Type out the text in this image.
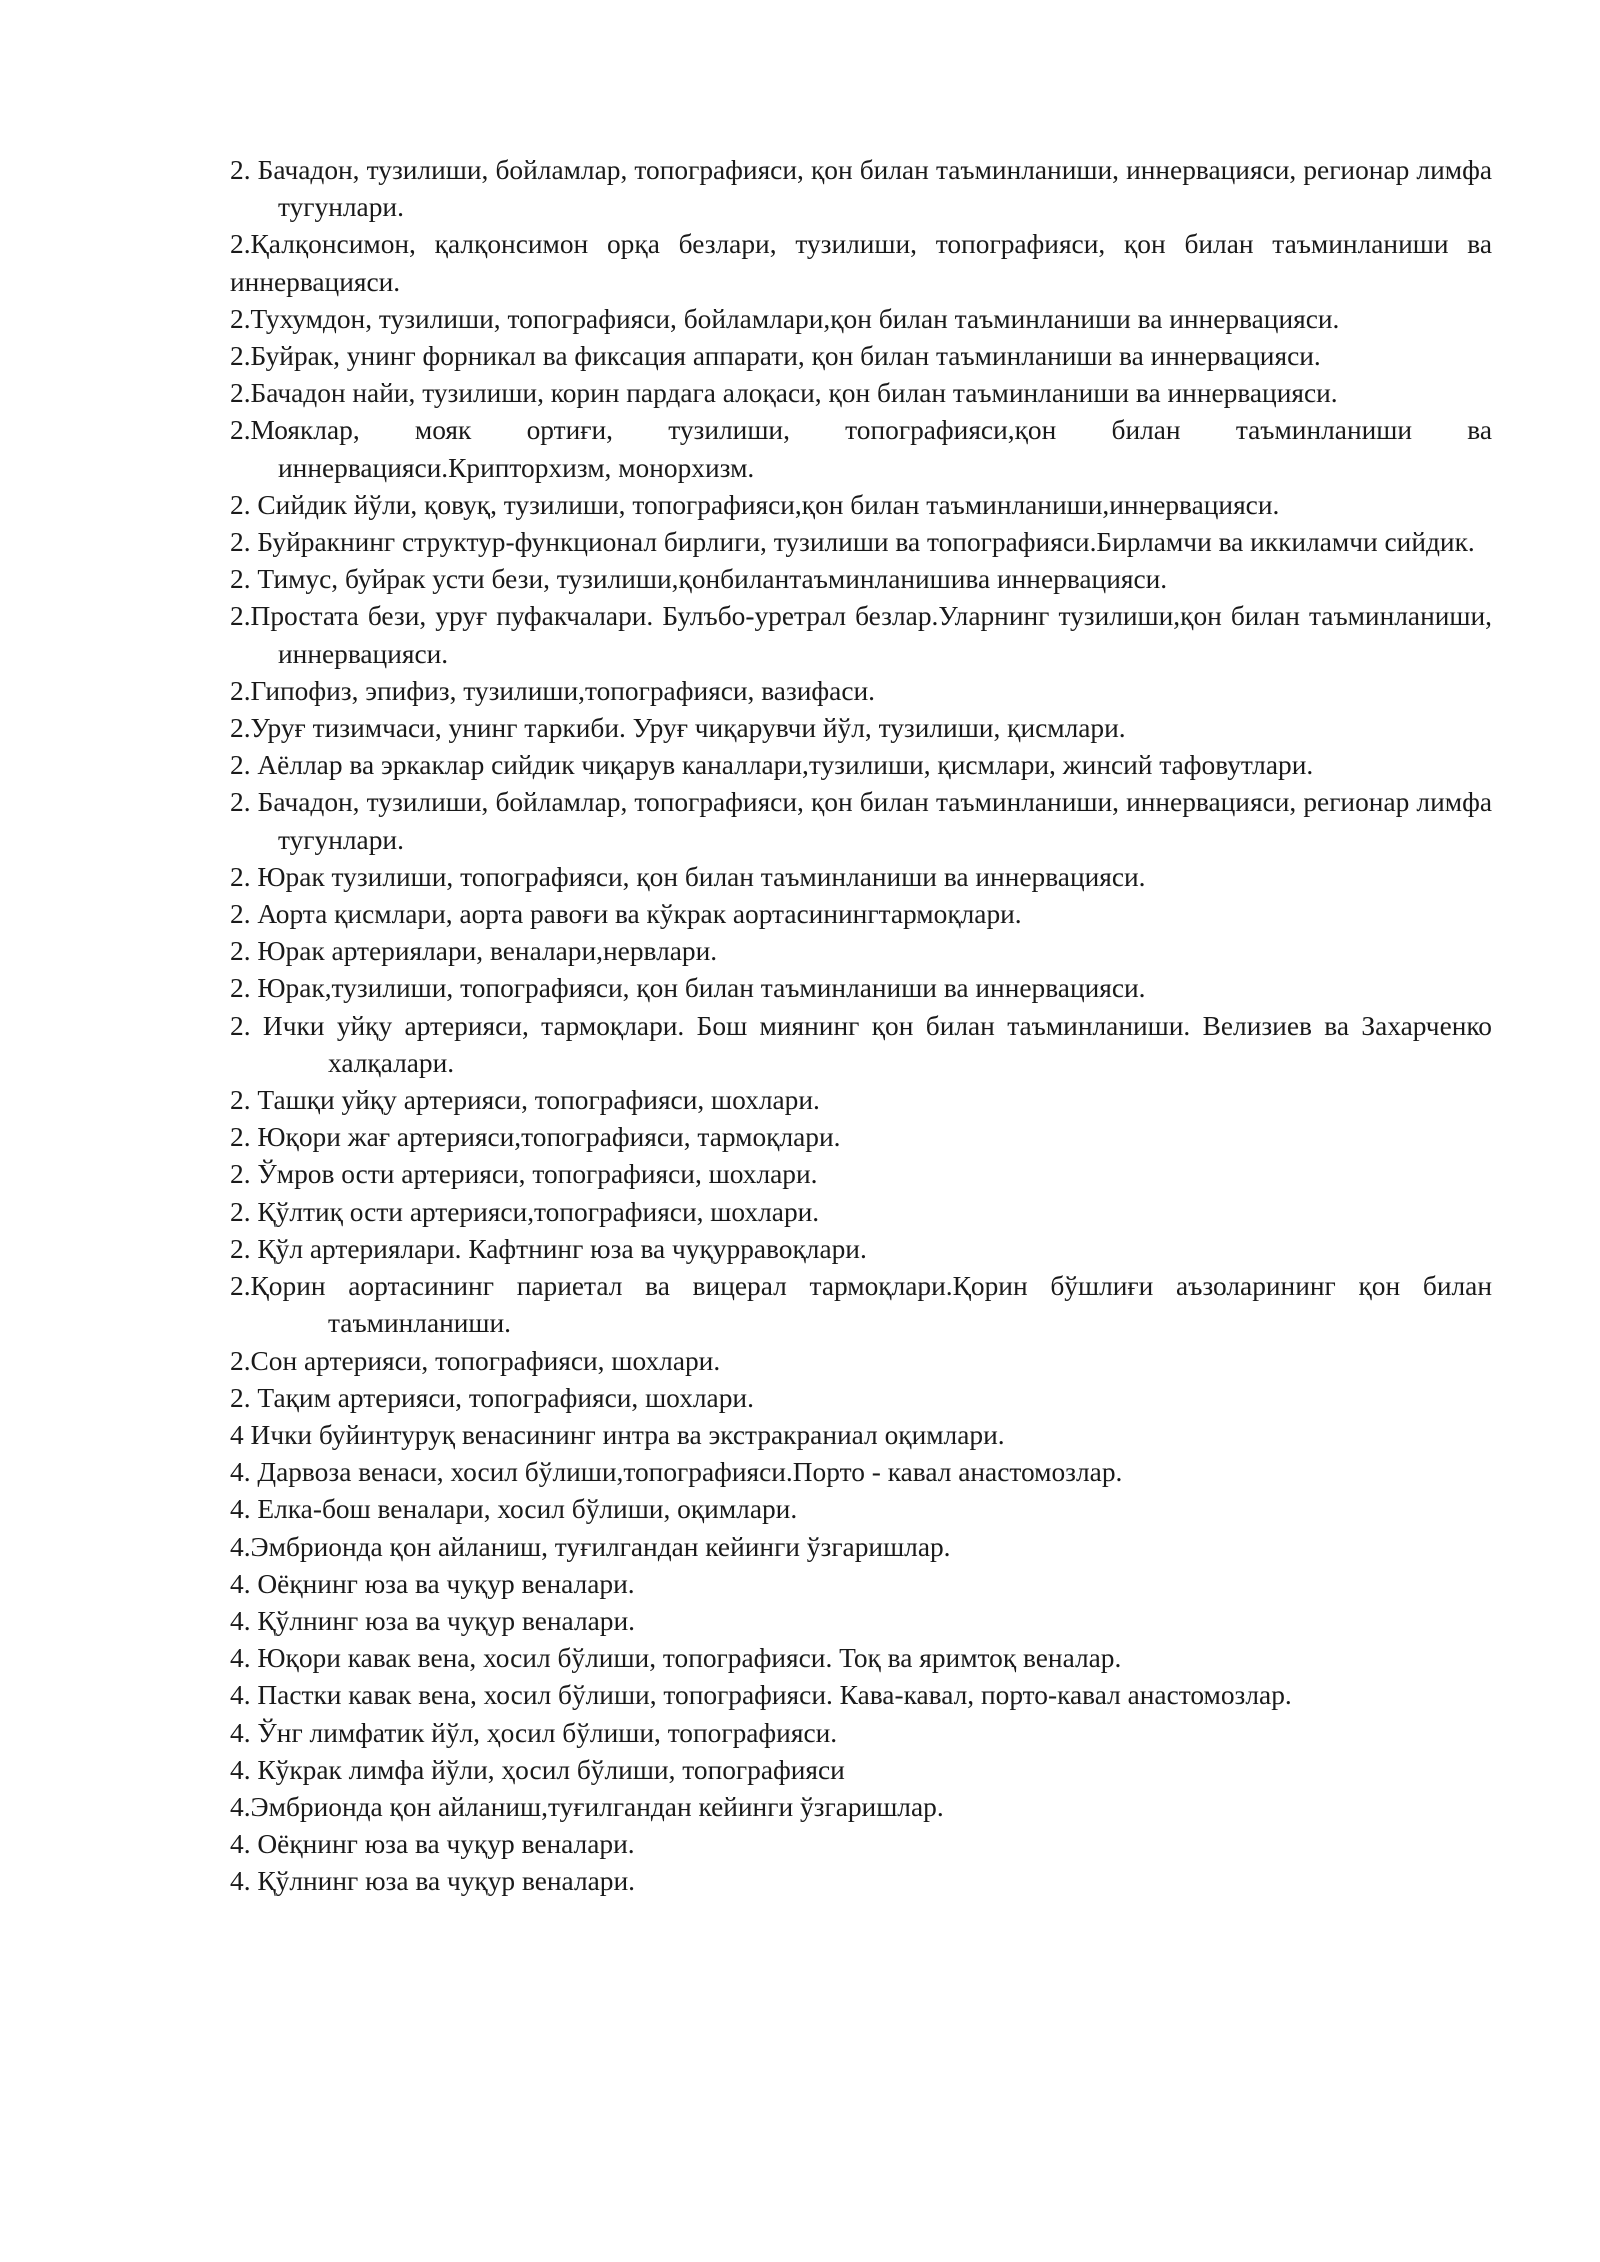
2. Бачадон, тузилиши, бойламлар, топографияси, қон билан таъминланиши, иннервацияси, регионар лимфа тугунлари.

2.Қалқонсимон, қалқонсимон орқа безлари, тузилиши, топографияси, қон билан таъминланиши ва иннервацияси.

2.Тухумдон, тузилиши, топографияси, бойламлари,қон билан таъминланиши ва иннервацияси.

2.Буйрак, унинг форникал ва фиксация аппарати, қон билан таъминланиши ва иннервацияси.

2.Бачадон найи, тузилиши, корин пардага алоқаси, қон билан таъминланиши ва иннервацияси.

2.Мояклар, мояк ортиғи, тузилиши, топографияси,қон билан таъминланиши ва иннервацияси.Крипторхизм, монорхизм.

2. Сийдик йўли, қовуқ, тузилиши, топографияси,қон билан таъминланиши,иннервацияси.

2. Буйракнинг структур-функционал бирлиги, тузилиши ва топографияси.Бирламчи ва иккиламчи сийдик.

2. Тимус, буйрак усти бези, тузилиши,қонбилантаъминланишива иннервацияси.

2.Простата бези, уруғ пуфакчалари. Булъбо-уретрал безлар.Уларнинг тузилиши,қон билан таъминланиши, иннервацияси.

2.Гипофиз, эпифиз, тузилиши,топографияси, вазифаси.

2.Уруғ тизимчаси, унинг таркиби. Уруғ чиқарувчи йўл, тузилиши, қисмлари.

2. Аёллар ва эркаклар сийдик чиқарув каналлари,тузилиши, қисмлари, жинсий тафовутлари.

2. Бачадон, тузилиши, бойламлар, топографияси, қон билан таъминланиши, иннервацияси, регионар лимфа тугунлари.

2. Юрак тузилиши, топографияси, қон билан таъминланиши ва иннервацияси.

2. Аорта қисмлари, аорта равоғи ва кўкрак аортасинингтармоқлари.

2. Юрак артериялари, веналари,нервлари.

2. Юрак,тузилиши, топографияси, қон билан таъминланиши ва иннервацияси.

2. Ички уйқу артерияси, тармоқлари. Бош миянинг қон билан таъминланиши. Велизиев ва Захарченко халқалари.

2. Ташқи уйқу артерияси, топографияси, шохлари.

2. Юқори жағ артерияси,топографияси, тармоқлари.

2. Ўмров ости артерияси, топографияси, шохлари.

2. Қўлтиқ ости артерияси,топографияси, шохлари.

2. Қўл артериялари. Кафтнинг юза ва чуқурравоқлари.

2.Қорин аортасининг париетал ва вицерал тармоқлари.Қорин бўшлиғи аъзоларининг қон билан таъминланиши.

2.Сон артерияси, топографияси, шохлари.

2. Тақим артерияси, топографияси, шохлари.

4 Ички буйинтуруқ венасининг интра ва экстракраниал оқимлари.

4. Дарвоза венаси, хосил бўлиши,топографияси.Порто - кавал анастомозлар.

4. Елка-бош веналари, хосил бўлиши, оқимлари.

4.Эмбрионда қон айланиш, туғилгандан кейинги ўзгаришлар.

4. Оёқнинг юза ва чуқур веналари.

4. Қўлнинг юза ва чуқур веналари.

4. Юқори кавак вена, хосил бўлиши, топографияси. Тоқ ва яримтоқ веналар.

4. Пастки кавак вена, хосил бўлиши, топографияси. Кава-кавал, порто-кавал анастомозлар.

4. Ўнг лимфатик йўл, ҳосил бўлиши, топографияси.

4. Кўкрак лимфа йўли, ҳосил бўлиши, топографияси

4.Эмбрионда қон айланиш,туғилгандан кейинги ўзгаришлар.

4. Оёқнинг юза ва чуқур веналари.

4. Қўлнинг юза ва чуқур веналари.
